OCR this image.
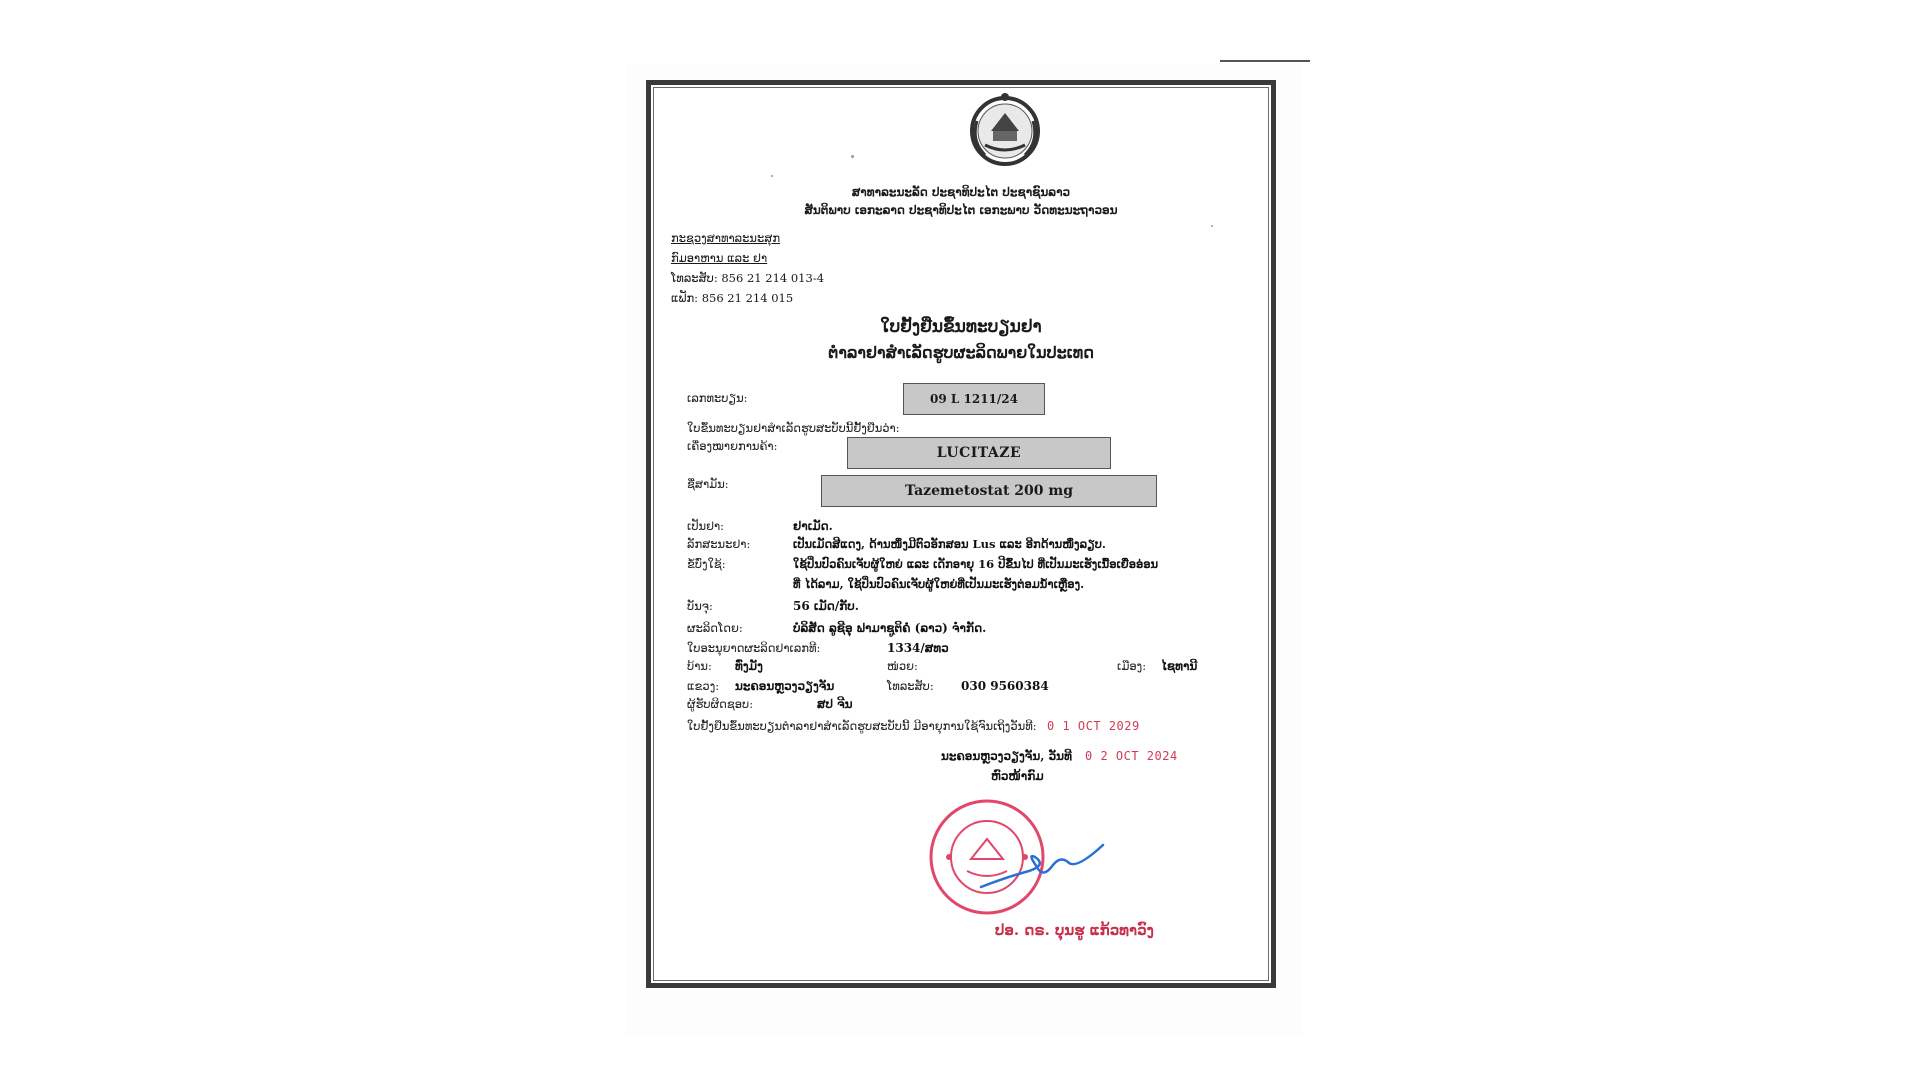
ສາທາລະນະລັດ ປະຊາທິປະໄຕ ປະຊາຊົນລາວ
ສັນຕິພາບ ເອກະລາດ ປະຊາທິປະໄຕ ເອກະພາບ ວັດທະນະຖາວອນ
ກະຊວງສາທາລະນະສຸກ
ກົມອາຫານ ແລະ ຢາ
ໂທລະສັບ: 856 21 214 013-4
ແຟັກ: 856 21 214 015
ໃບຢັ້ງຢືນຂຶ້ນທະບຽນຢາ
ຕຳລາຢາສຳເລັດຮູບຜະລິດພາຍໃນປະເທດ
ເລກທະບຽນ:	09 L 1211/24
ໃບຂຶ້ນທະບຽນຢາສຳເລັດຮູບສະບັບນີ້ຢັ້ງຢືນວ່າ:
ເຄື່ອງໝາຍການຄ້າ:	LUCITAZE
ຊື່ສາມັນ:	Tazemetostat 200 mg
ເປັນຢາ:	ຢາເມັດ.
ລັກສະນະຢາ:	ເປັນເມັດສີແດງ, ດ້ານໜຶ່ງມີຕົວອັກສອນ Lus ແລະ ອີກດ້ານໜຶ່ງລຽບ.
ຂໍ້ບົ່ງໃຊ້:	ໃຊ້ປິ່ນປົວຄົນເຈັບຜູ້ໃຫຍ່ ແລະ ເດັກອາຍຸ 16 ປີຂຶ້ນໄປ ທີ່ເປັນມະເຮັງເນື້ອເຍື່ອອ່ອນ
ທີ່ ໄດ້ລາມ, ໃຊ້ປິ່ນປົວຄົນເຈັບຜູ້ໃຫຍ່ທີ່ເປັນມະເຮັງຕ່ອມນ້ຳເຫຼືອງ.
ບັນຈຸ:	56 ເມັດ/ກັບ.
ຜະລິດໂດຍ:	ບໍລິສັດ ລູຊີອຸ ຟາມາຊູຕິຄໍ (ລາວ) ຈຳກັດ.
ໃບອະນຸຍາດຜະລິດຢາເລກທີ:	1334/ສທວ
ບ້ານ: ທົ່ງມັງ	ໜ່ວຍ:	ເມືອງ: ໄຊທານີ
ແຂວງ: ນະຄອນຫຼວງວຽງຈັນ	ໂທລະສັບ: 030 9560384
ຜູ້ຮັບຜິດຊອບ:	ສປ ຈີນ
ໃບຢັ້ງຢືນຂຶ້ນທະບຽນຕຳລາຢາສຳເລັດຮູບສະບັບນີ້ ມີອາຍຸການໃຊ້ຈົນເຖິງວັນທີ: 0 1 OCT 2029
ນະຄອນຫຼວງວຽງຈັນ, ວັນທີ 0 2 OCT 2024
ຫົວໜ້າກົມ
ປອ. ດຣ. ບຸນຮູ ແກ້ວທາວົງ
